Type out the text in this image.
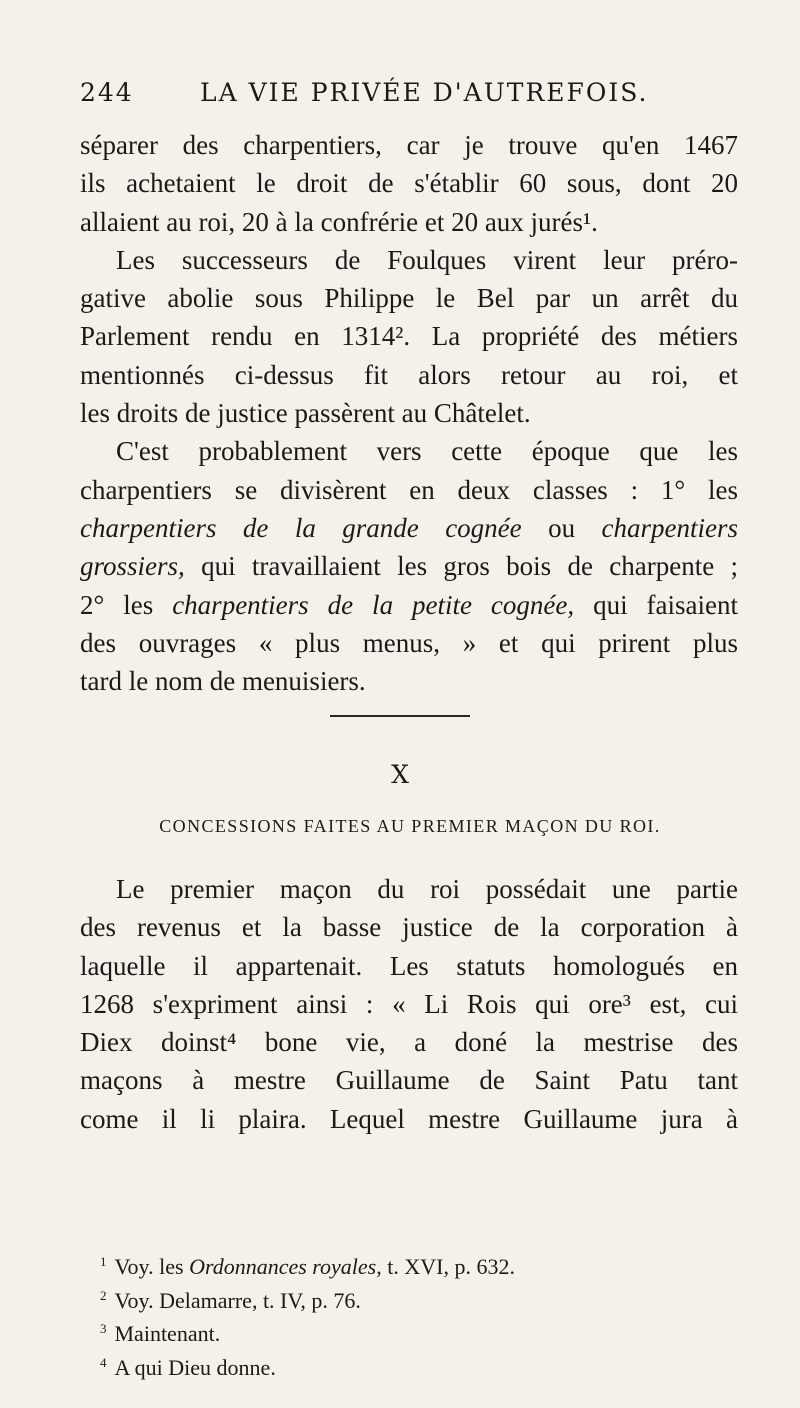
244	LA VIE PRIVÉE D'AUTREFOIS.
séparer des charpentiers, car je trouve qu'en 1467
ils achetaient le droit de s'établir 60 sous, dont 20
allaient au roi, 20 à la confrérie et 20 aux jurés¹.
Les successeurs de Foulques virent leur préro-
gative abolie sous Philippe le Bel par un arrêt du
Parlement rendu en 1314². La propriété des métiers
mentionnés ci-dessus fit alors retour au roi, et
les droits de justice passèrent au Châtelet.
C'est probablement vers cette époque que les
charpentiers se divisèrent en deux classes : 1° les
charpentiers de la grande cognée ou charpentiers
grossiers, qui travaillaient les gros bois de charpente ;
2° les charpentiers de la petite cognée, qui faisaient
des ouvrages « plus menus, » et qui prirent plus
tard le nom de menuisiers.
X
CONCESSIONS FAITES AU PREMIER MAÇON DU ROI.
Le premier maçon du roi possédait une partie
des revenus et la basse justice de la corporation à
laquelle il appartenait. Les statuts homologués en
1268 s'expriment ainsi : « Li Rois qui ore³ est, cui
Diex doinst⁴ bone vie, a doné la mestrise des
maçons à mestre Guillaume de Saint Patu tant
come il li plaira. Lequel mestre Guillaume jura à
$^1$ Voy. les Ordonnances royales, t. XVI, p. 632.
$^2$ Voy. Delamarre, t. IV, p. 76.
$^3$ Maintenant.
$^4$ A qui Dieu donne.
